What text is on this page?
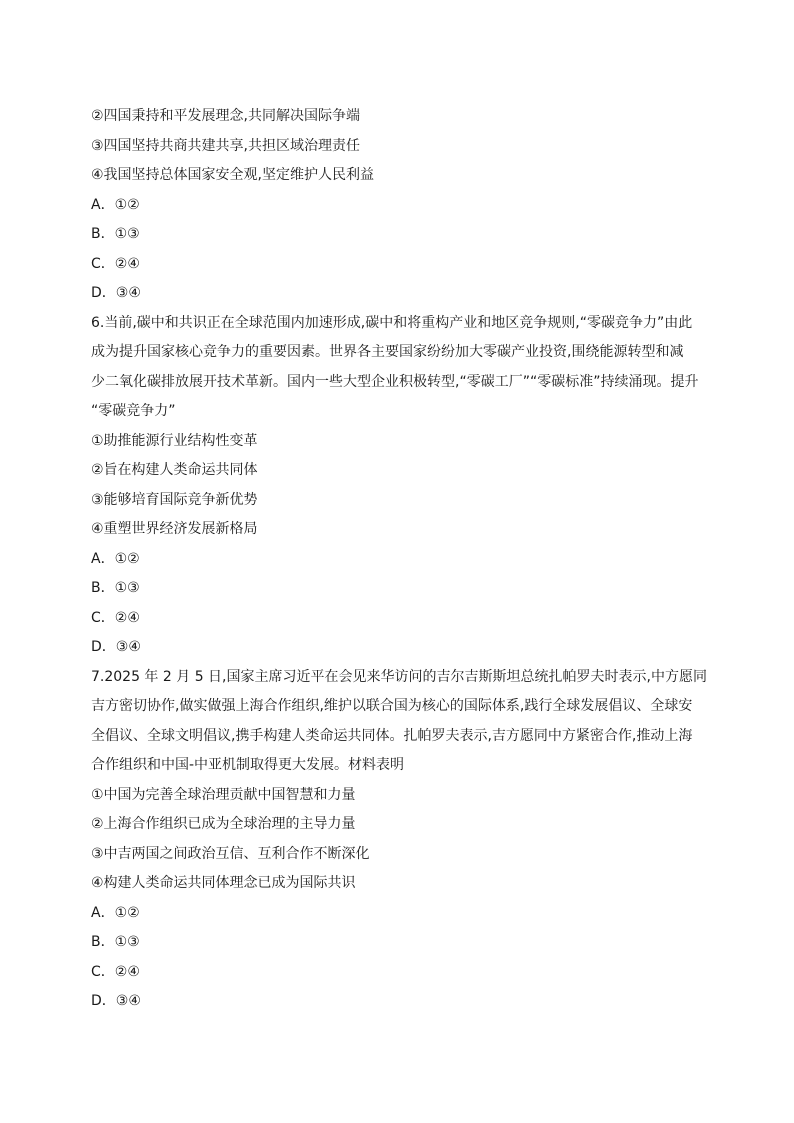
②四国秉持和平发展理念,共同解决国际争端
③四国坚持共商共建共享,共担区域治理责任
④我国坚持总体国家安全观,坚定维护人民利益
A．①②
B．①③
C．②④
D．③④
6.当前,碳中和共识正在全球范围内加速形成,碳中和将重构产业和地区竞争规则,“零碳竞争力”由此
成为提升国家核心竞争力的重要因素。世界各主要国家纷纷加大零碳产业投资,围绕能源转型和减
少二氧化碳排放展开技术革新。国内一些大型企业积极转型,“零碳工厂”“零碳标准”持续涌现。提升
“零碳竞争力”
①助推能源行业结构性变革
②旨在构建人类命运共同体
③能够培育国际竞争新优势
④重塑世界经济发展新格局
A．①②
B．①③
C．②④
D．③④
7.2025 年 2 月 5 日,国家主席习近平在会见来华访问的吉尔吉斯斯坦总统扎帕罗夫时表示,中方愿同
吉方密切协作,做实做强上海合作组织,维护以联合国为核心的国际体系,践行全球发展倡议、全球安
全倡议、全球文明倡议,携手构建人类命运共同体。扎帕罗夫表示,吉方愿同中方紧密合作,推动上海
合作组织和中国-中亚机制取得更大发展。材料表明
①中国为完善全球治理贡献中国智慧和力量
②上海合作组织已成为全球治理的主导力量
③中吉两国之间政治互信、互利合作不断深化
④构建人类命运共同体理念已成为国际共识
A．①②
B．①③
C．②④
D．③④
